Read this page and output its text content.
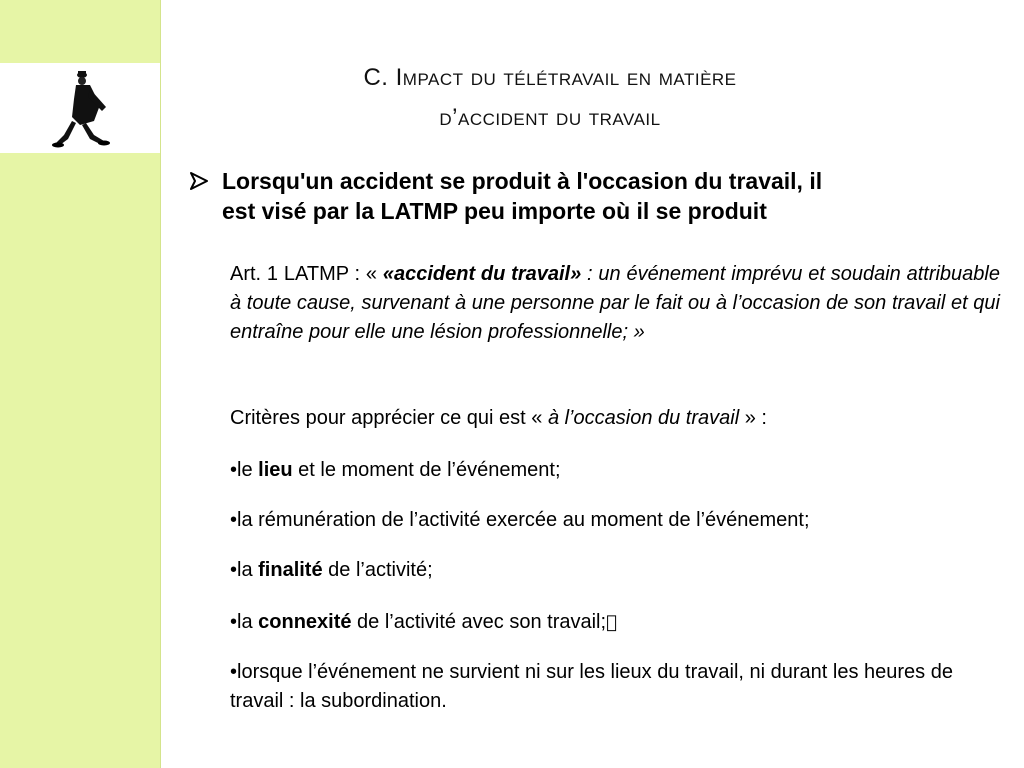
C. Impact du télétravail en matière
d’accident du travail
Lorsqu'un accident se produit à l'occasion du travail, il
est visé par la LATMP peu importe où il se produit
Art. 1 LATMP : « «accident du travail» : un événement imprévu et soudain attribuable à toute cause, survenant à une personne par le fait ou à l’occasion de son travail et qui entraîne pour elle une lésion professionnelle; »
Critères pour apprécier ce qui est « à l’occasion du travail » :
•le lieu et le moment de l’événement;
•la rémunération de l’activité exercée au moment de l’événement;
•la finalité de l’activité;
•la connexité de l’activité avec son travail;
•lorsque l’événement ne survient ni sur les lieux du travail, ni durant les heures de travail : la subordination.
